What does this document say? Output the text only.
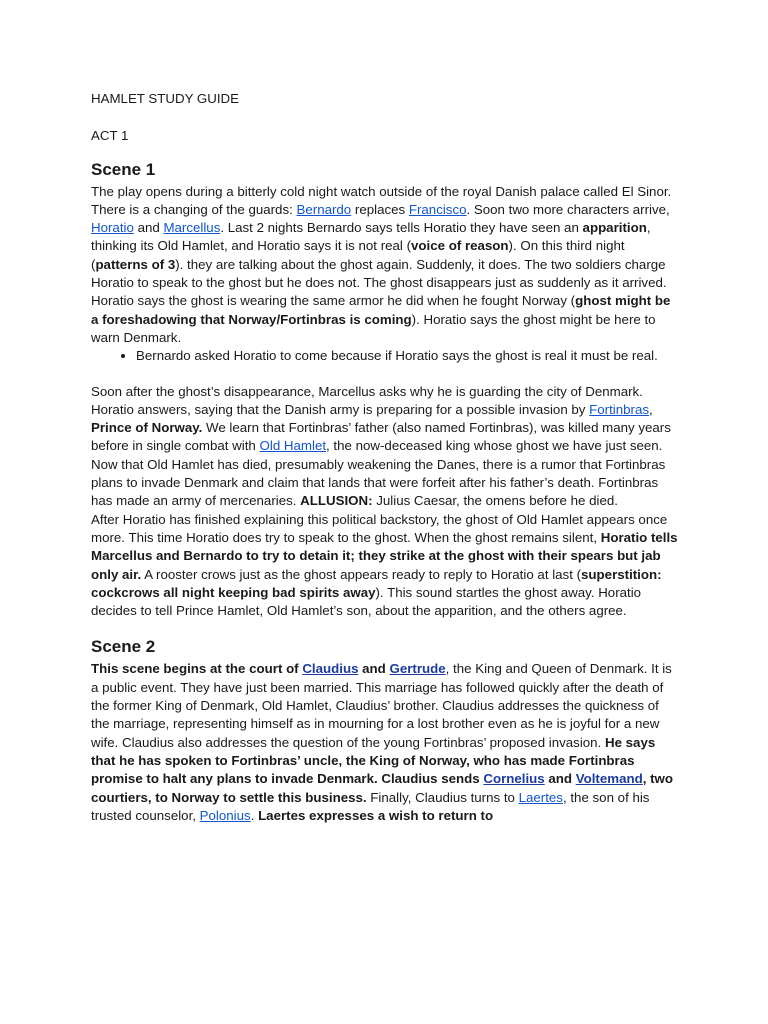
HAMLET STUDY GUIDE
ACT 1
Scene 1

The play opens during a bitterly cold night watch outside of the royal Danish palace called El Sinor. There is a changing of the guards: Bernardo replaces Francisco. Soon two more characters arrive, Horatio and Marcellus. Last 2 nights Bernardo says tells Horatio they have seen an apparition, thinking its Old Hamlet, and Horatio says it is not real (voice of reason). On this third night (patterns of 3). they are talking about the ghost again. Suddenly, it does. The two soldiers charge Horatio to speak to the ghost but he does not. The ghost disappears just as suddenly as it arrived. Horatio says the ghost is wearing the same armor he did when he fought Norway (ghost might be a foreshadowing that Norway/Fortinbras is coming). Horatio says the ghost might be here to warn Denmark.

• Bernardo asked Horatio to come because if Horatio says the ghost is real it must be real.

Soon after the ghost’s disappearance, Marcellus asks why he is guarding the city of Denmark. Horatio answers, saying that the Danish army is preparing for a possible invasion by Fortinbras, Prince of Norway. We learn that Fortinbras’ father (also named Fortinbras), was killed many years before in single combat with Old Hamlet, the now-deceased king whose ghost we have just seen. Now that Old Hamlet has died, presumably weakening the Danes, there is a rumor that Fortinbras plans to invade Denmark and claim that lands that were forfeit after his father’s death. Fortinbras has made an army of mercenaries. ALLUSION: Julius Caesar, the omens before he died.

After Horatio has finished explaining this political backstory, the ghost of Old Hamlet appears once more. This time Horatio does try to speak to the ghost. When the ghost remains silent, Horatio tells Marcellus and Bernardo to try to detain it; they strike at the ghost with their spears but jab only air. A rooster crows just as the ghost appears ready to reply to Horatio at last (superstition: cockcrows all night keeping bad spirits away). This sound startles the ghost away. Horatio decides to tell Prince Hamlet, Old Hamlet’s son, about the apparition, and the others agree.

Scene 2

This scene begins at the court of Claudius and Gertrude, the King and Queen of Denmark. It is a public event. They have just been married. This marriage has followed quickly after the death of the former King of Denmark, Old Hamlet, Claudius’ brother. Claudius addresses the quickness of the marriage, representing himself as in mourning for a lost brother even as he is joyful for a new wife. Claudius also addresses the question of the young Fortinbras’ proposed invasion. He says that he has spoken to Fortinbras’ uncle, the King of Norway, who has made Fortinbras promise to halt any plans to invade Denmark. Claudius sends Cornelius and Voltemand, two courtiers, to Norway to settle this business. Finally, Claudius turns to Laertes, the son of his trusted counselor, Polonius. Laertes expresses a wish to return to
